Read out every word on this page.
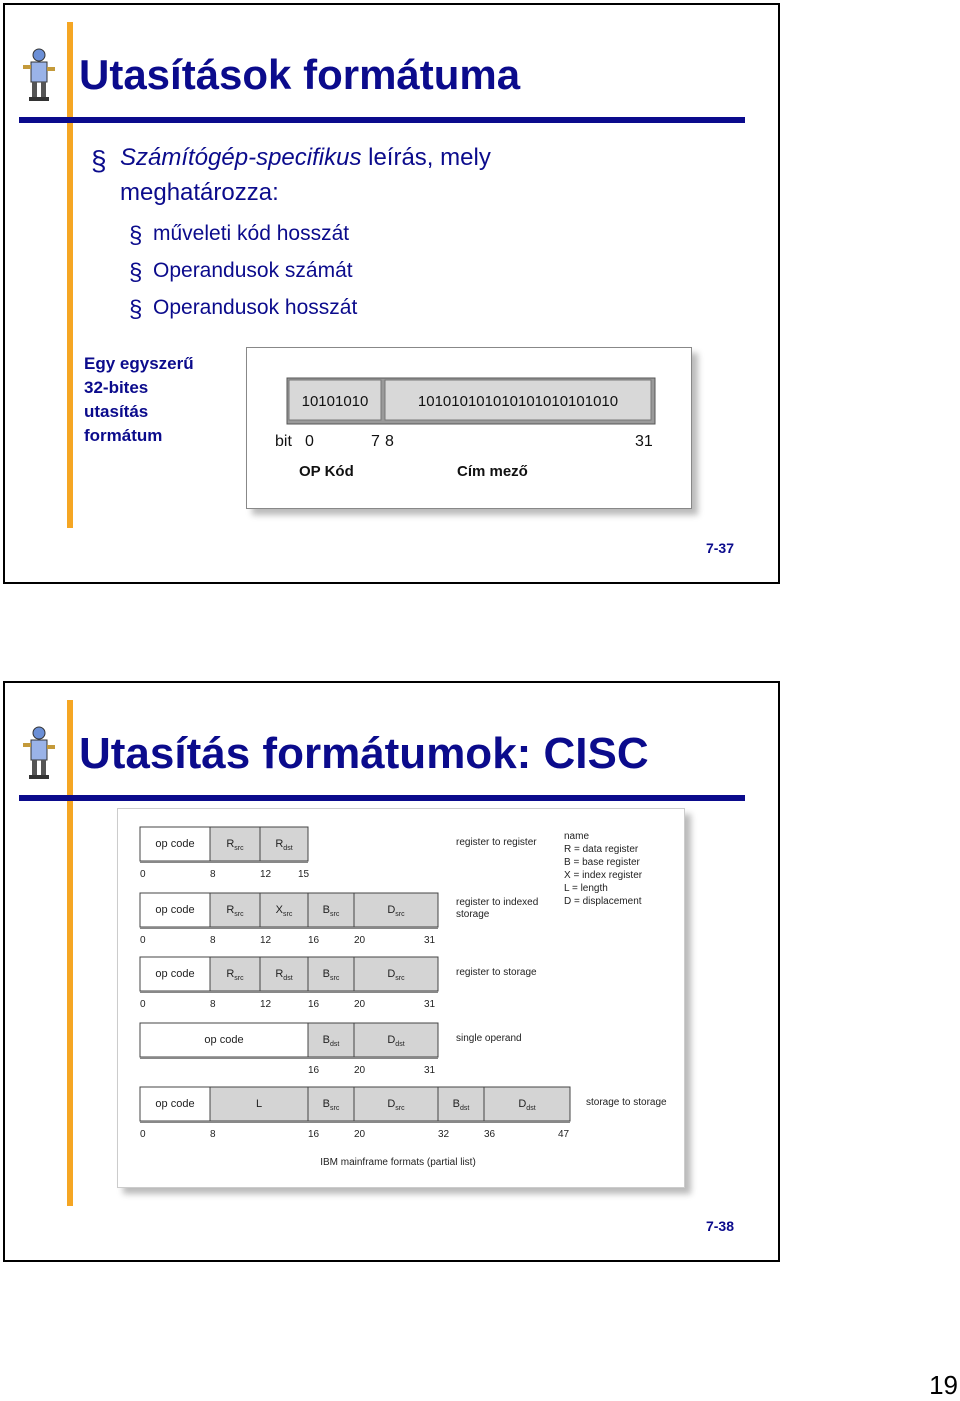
Utasítások formátuma
§ Számítógép-specifikus leírás, mely
meghatározza:
§ műveleti kód hosszát
§ Operandusok számát
§ Operandusok hosszát
Egy egyszerű
32-bites
utasítás
formátum
10101010	101010101010101010101010
bit 0	7 8	31
OP Kód	Cím mező
7-37
Utasítás formátumok: CISC
7-38
op code	$R_{src}$	$R_{dst}$
0	8	12	15
register to register
op code	$R_{src}$	$X_{src}$	$B_{src}$	$D_{src}$
0	8	12	16	20	31
register to indexed
storage
op code	$R_{src}$	$R_{dst}$	$B_{src}$	$D_{src}$
0	8	12	16	20	31
register to storage
op code	$B_{dst}$	$D_{dst}$
16	20	31
single operand
op code	L	$B_{src}$	$D_{src}$	$B_{dst}$	$D_{dst}$
0	8	16	20	32	36	47
storage to storage
name
R = data register
B = base register
X = index register
L = length
D = displacement
IBM mainframe formats (partial list)
19
